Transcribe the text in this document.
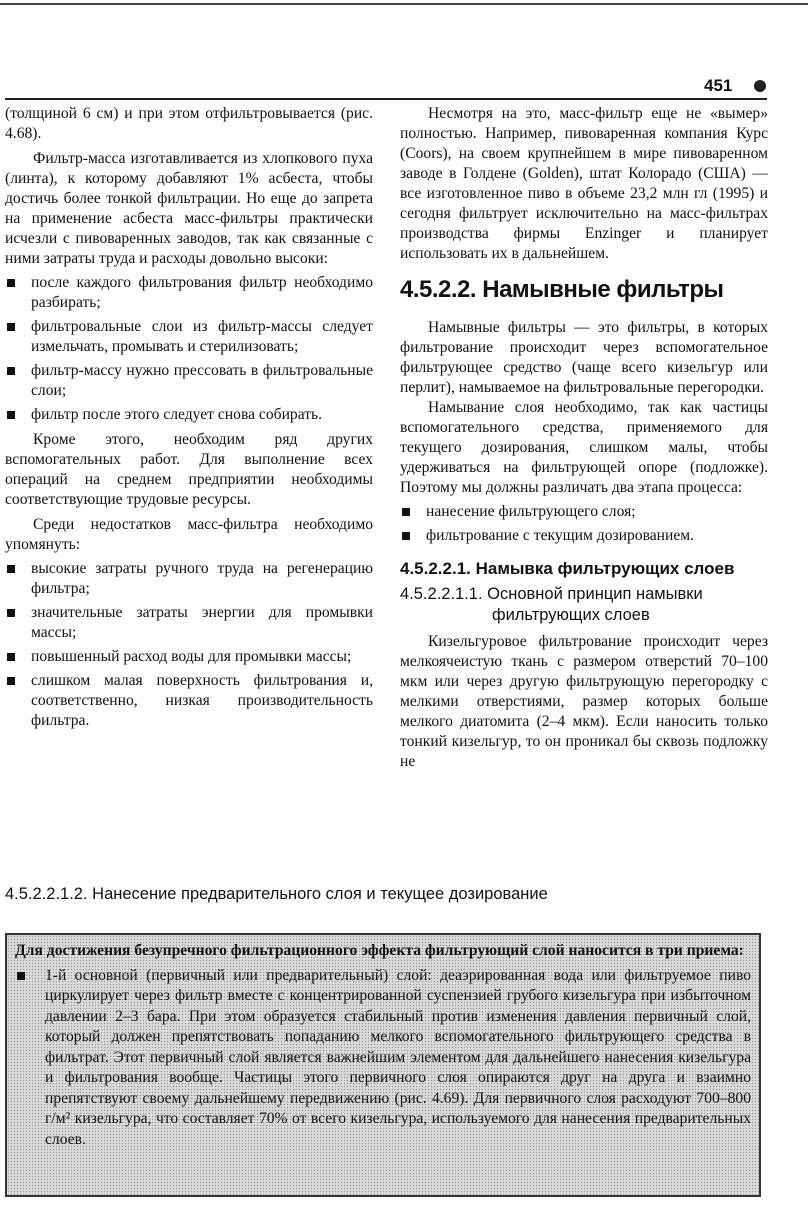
451

(толщиной 6 см) и при этом отфильтровывается (рис. 4.68).

Фильтр-масса изготавливается из хлопкового пуха (линта), к которому добавляют 1% асбеста, чтобы достичь более тонкой фильтрации. Но еще до запрета на применение асбеста масс-фильтры практически исчезли с пивоваренных заводов, так как связанные с ними затраты труда и расходы довольно высоки:

после каждого фильтрования фильтр необходимо разбирать;
фильтровальные слои из фильтр-массы следует измельчать, промывать и стерилизовать;
фильтр-массу нужно прессовать в фильтровальные слои;
фильтр после этого следует снова собирать.

Кроме этого, необходим ряд других вспомогательных работ. Для выполнение всех операций на среднем предприятии необходимы соответствующие трудовые ресурсы.

Среди недостатков масс-фильтра необходимо упомянуть:

высокие затраты ручного труда на регенерацию фильтра;
значительные затраты энергии для промывки массы;
повышенный расход воды для промывки массы;
слишком малая поверхность фильтрования и, соответственно, низкая производительность фильтра.

Несмотря на это, масс-фильтр еще не «вымер» полностью. Например, пивоваренная компания Курс (Coors), на своем крупнейшем в мире пивоваренном заводе в Голдене (Golden), штат Колорадо (США) — все изготовленное пиво в объеме 23,2 млн гл (1995) и сегодня фильтрует исключительно на масс-фильтрах производства фирмы Enzinger и планирует использовать их в дальнейшем.

4.5.2.2. Намывные фильтры

Намывные фильтры — это фильтры, в которых фильтрование происходит через вспомогательное фильтрующее средство (чаще всего кизельгур или перлит), намываемое на фильтровальные перегородки.

Намывание слоя необходимо, так как частицы вспомогательного средства, применяемого для текущего дозирования, слишком малы, чтобы удерживаться на фильтрующей опоре (подложке). Поэтому мы должны различать два этапа процесса:

нанесение фильтрующего слоя;
фильтрование с текущим дозированием.
4.5.2.2.1. Намывка фильтрующих слоев
4.5.2.2.1.1. Основной принцип намывки
фильтрующих слоев

Кизельгуровое фильтрование происходит через мелкоячеистую ткань с размером отверстий 70–100 мкм или через другую фильтрующую перегородку с мелкими отверстиями, размер которых больше мелкого диатомита (2–4 мкм). Если наносить только тонкий кизельгур, то он проникал бы сквозь подложку не

4.5.2.2.1.2. Нанесение предварительного слоя и текущее дозирование

Для достижения безупречного фильтрационного эффекта фильтрующий слой наносится в три приема:

1-й основной (первичный или предварительный) слой: деаэрированная вода или фильтруемое пиво циркулирует через фильтр вместе с концентрированной суспензией грубого кизельгура при избыточном давлении 2–3 бара. При этом образуется стабильный против изменения давления первичный слой, который должен препятствовать попаданию мелкого вспомогательного фильтрующего средства в фильтрат. Этот первичный слой является важнейшим элементом для дальнейшего нанесения кизельгура и фильтрования вообще. Частицы этого первичного слоя опираются друг на друга и взаимно препятствуют своему дальнейшему передвижению (рис. 4.69). Для первичного слоя расходуют 700–800 г/м² кизельгура, что составляет 70% от всего кизельгура, используемого для нанесения предварительных слоев.
